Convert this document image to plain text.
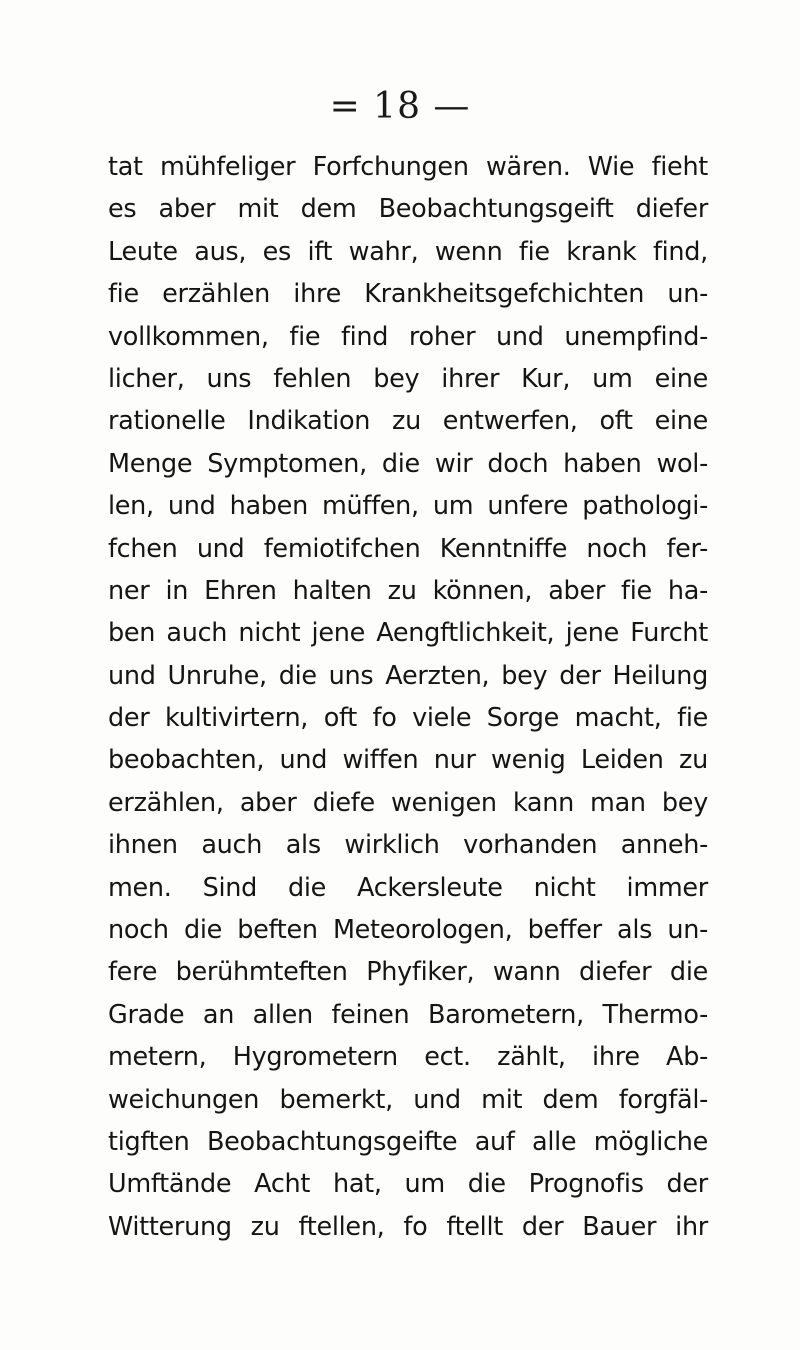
= 18 —
tat mühfeliger Forfchungen wären. Wie fieht
es aber mit dem Beobachtungsgeift diefer
Leute aus, es ift wahr, wenn fie krank find,
fie erzählen ihre Krankheitsgefchichten un-
vollkommen, fie find roher und unempfind-
licher, uns fehlen bey ihrer Kur, um eine
rationelle Indikation zu entwerfen, oft eine
Menge Symptomen, die wir doch haben wol-
len, und haben müffen, um unfere pathologi-
fchen und femiotifchen Kenntniffe noch fer-
ner in Ehren halten zu können, aber fie ha-
ben auch nicht jene Aengftlichkeit, jene Furcht
und Unruhe, die uns Aerzten, bey der Heilung
der kultivirtern, oft fo viele Sorge macht, fie
beobachten, und wiffen nur wenig Leiden zu
erzählen, aber diefe wenigen kann man bey
ihnen auch als wirklich vorhanden anneh-
men. Sind die Ackersleute nicht immer
noch die beften Meteorologen, beffer als un-
fere berühmteften Phyfiker, wann diefer die
Grade an allen feinen Barometern, Thermo-
metern, Hygrometern ect. zählt, ihre Ab-
weichungen bemerkt, und mit dem forgfäl-
tigften Beobachtungsgeifte auf alle mögliche
Umftände Acht hat, um die Prognofis der
Witterung zu ftellen, fo ftellt der Bauer ihr
